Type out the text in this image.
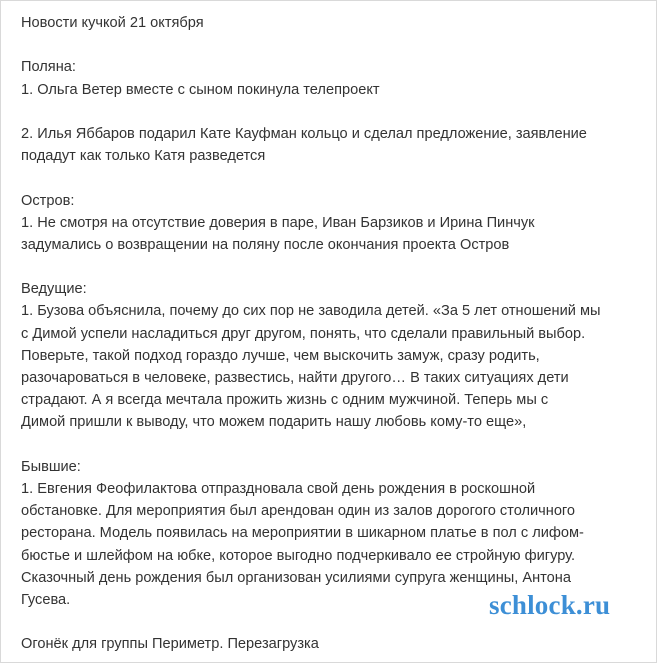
Новости кучкой 21 октября
Поляна:
1. Ольга Ветер вместе с сыном покинула телепроект
2. Илья Яббаров подарил Кате Кауфман кольцо и сделал предложение, заявление
подадут как только Катя разведется
Остров:
1. Не смотря на отсутствие доверия в паре, Иван Барзиков и Ирина Пинчук
задумались о возвращении на поляну после окончания проекта Остров
Ведущие:
1. Бузова объяснила, почему до сих пор не заводила детей. «За 5 лет отношений мы
с Димой успели насладиться друг другом, понять, что сделали правильный выбор.
Поверьте, такой подход гораздо лучше, чем выскочить замуж, сразу родить,
разочароваться в человеке, развестись, найти другого… В таких ситуациях дети
страдают. А я всегда мечтала прожить жизнь с одним мужчиной. Теперь мы с
Димой пришли к выводу, что можем подарить нашу любовь кому-то еще»,
Бывшие:
1. Евгения Феофилактова отпраздновала свой день рождения в роскошной
обстановке. Для мероприятия был арендован один из залов дорогого столичного
ресторана. Модель появилась на мероприятии в шикарном платье в пол с лифом-
бюстье и шлейфом на юбке, которое выгодно подчеркивало ее стройную фигуру.
Сказочный день рождения был организован усилиями супруга женщины, Антона
Гусева.
Огонёк для группы Периметр. Перезагрузка
schlock.ru
